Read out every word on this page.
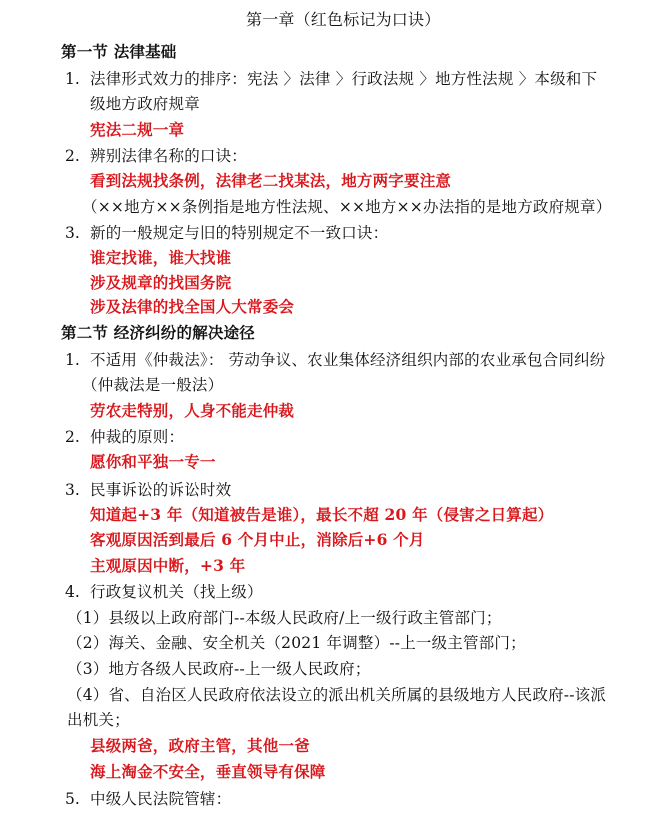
第一章（红色标记为口诀）
第一节 法律基础
1. 法律形式效力的排序：宪法 〉法律 〉行政法规 〉地方性法规 〉本级和下
级地方政府规章
宪法二规一章
2. 辨别法律名称的口诀：
看到法规找条例，法律老二找某法，地方两字要注意
（××地方××条例指是地方性法规、××地方××办法指的是地方政府规章）
3. 新的一般规定与旧的特别规定不一致口诀：
谁定找谁，谁大找谁
涉及规章的找国务院
涉及法律的找全国人大常委会
第二节 经济纠纷的解决途径
1. 不适用《仲裁法》： 劳动争议、农业集体经济组织内部的农业承包合同纠纷
（仲裁法是一般法）
劳农走特别，人身不能走仲裁
2. 仲裁的原则：
愿你和平独一专一
3. 民事诉讼的诉讼时效
知道起+3 年（知道被告是谁），最长不超 20 年（侵害之日算起）
客观原因活到最后 6 个月中止，消除后+6 个月
主观原因中断，+3 年
4. 行政复议机关（找上级）
（1）县级以上政府部门--本级人民政府/上一级行政主管部门；
（2）海关、金融、安全机关（2021 年调整）--上一级主管部门；
（3）地方各级人民政府--上一级人民政府；
（4）省、自治区人民政府依法设立的派出机关所属的县级地方人民政府--该派
出机关；
县级两爸，政府主管，其他一爸
海上淘金不安全，垂直领导有保障
5. 中级人民法院管辖：
